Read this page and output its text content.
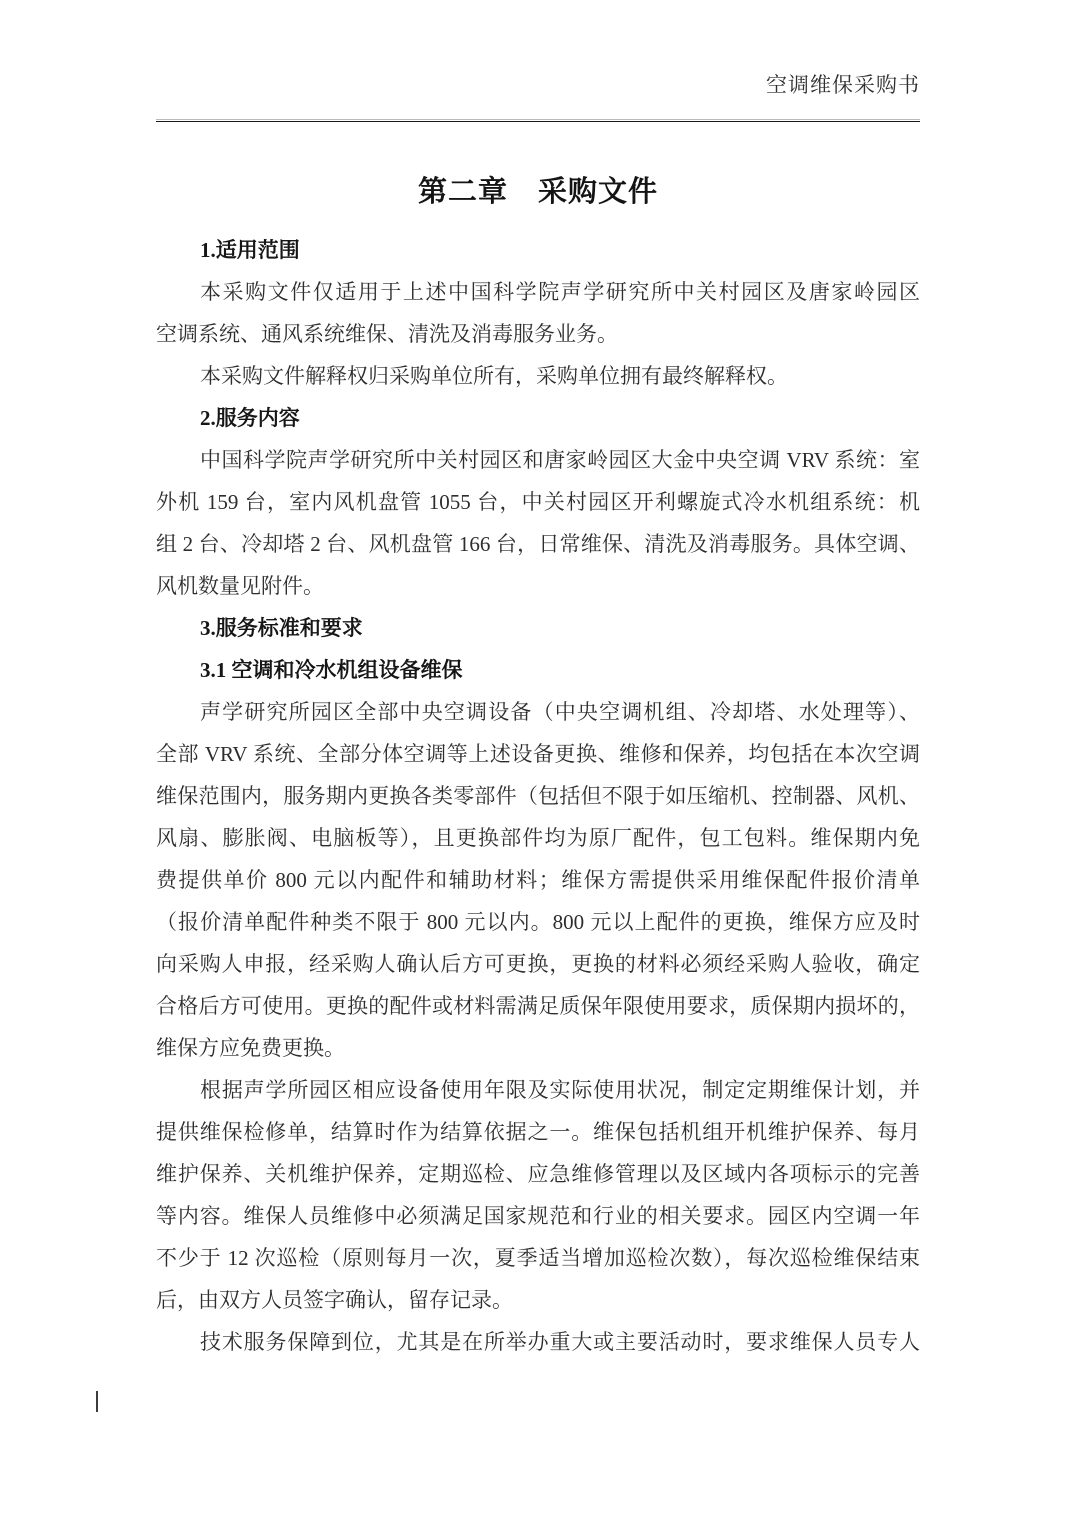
空调维保采购书
第二章　采购文件
1.适用范围
本采购文件仅适用于上述中国科学院声学研究所中关村园区及唐家岭园区
空调系统、通风系统维保、清洗及消毒服务业务。
本采购文件解释权归采购单位所有，采购单位拥有最终解释权。
2.服务内容
中国科学院声学研究所中关村园区和唐家岭园区大金中央空调 VRV 系统：室
外机 159 台，室内风机盘管 1055 台，中关村园区开利螺旋式冷水机组系统：机
组 2 台、冷却塔 2 台、风机盘管 166 台，日常维保、清洗及消毒服务。具体空调、
风机数量见附件。
3.服务标准和要求
3.1 空调和冷水机组设备维保
声学研究所园区全部中央空调设备（中央空调机组、冷却塔、水处理等）、
全部 VRV 系统、全部分体空调等上述设备更换、维修和保养，均包括在本次空调
维保范围内，服务期内更换各类零部件（包括但不限于如压缩机、控制器、风机、
风扇、膨胀阀、电脑板等），且更换部件均为原厂配件，包工包料。维保期内免
费提供单价 800 元以内配件和辅助材料；维保方需提供采用维保配件报价清单
（报价清单配件种类不限于 800 元以内。800 元以上配件的更换，维保方应及时
向采购人申报，经采购人确认后方可更换，更换的材料必须经采购人验收，确定
合格后方可使用。更换的配件或材料需满足质保年限使用要求，质保期内损坏的，
维保方应免费更换。
根据声学所园区相应设备使用年限及实际使用状况，制定定期维保计划，并
提供维保检修单，结算时作为结算依据之一。维保包括机组开机维护保养、每月
维护保养、关机维护保养，定期巡检、应急维修管理以及区域内各项标示的完善
等内容。维保人员维修中必须满足国家规范和行业的相关要求。园区内空调一年
不少于 12 次巡检（原则每月一次，夏季适当增加巡检次数），每次巡检维保结束
后，由双方人员签字确认，留存记录。
技术服务保障到位，尤其是在所举办重大或主要活动时，要求维保人员专人
